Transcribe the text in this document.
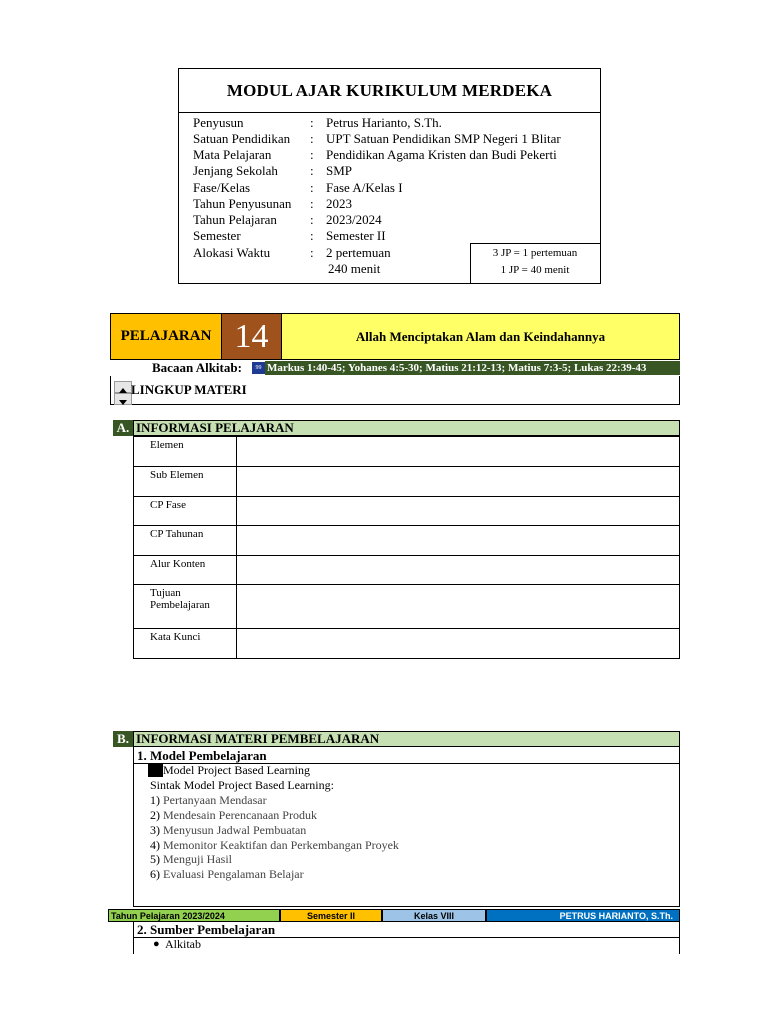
MODUL AJAR KURIKULUM MERDEKA
Penyusun	: Petrus Harianto, S.Th.
Satuan Pendidikan	: UPT Satuan Pendidikan SMP Negeri 1 Blitar
Mata Pelajaran	: Pendidikan Agama Kristen dan Budi Pekerti
Jenjang Sekolah	: SMP
Fase/Kelas	: Fase A/Kelas I
Tahun Penyusunan	: 2023
Tahun Pelajaran	: 2023/2024
Semester	: Semester II
Alokasi Waktu	: 2 pertemuan
240 menit
3 JP = 1 pertemuan
1 JP = 40 menit
PELAJARAN 14	Allah Menciptakan Alam dan Keindahannya
Bacaan Alkitab:	99 Markus 1:40-45; Yohanes 4:5-30; Matius 21:12-13; Matius 7:3-5; Lukas 22:39-43
LINGKUP MATERI
A. INFORMASI PELAJARAN
Elemen	
Sub Elemen	
CP Fase	
CP Tahunan	
Alur Konten	
Tujuan
Pembelajaran	
Kata Kunci	
B. INFORMASI MATERI PEMBELAJARAN
1. Model Pembelajaran
Model Project Based Learning
Sintak Model Project Based Learning:
1) Pertanyaan Mendasar
2) Mendesain Perencanaan Produk
3) Menyusun Jadwal Pembuatan
4) Memonitor Keaktifan dan Perkembangan Proyek
5) Menguji Hasil
6) Evaluasi Pengalaman Belajar
Tahun Pelajaran 2023/2024	Semester II	Kelas VIII	PETRUS HARIANTO, S.Th.
2. Sumber Pembelajaran
● Alkitab
